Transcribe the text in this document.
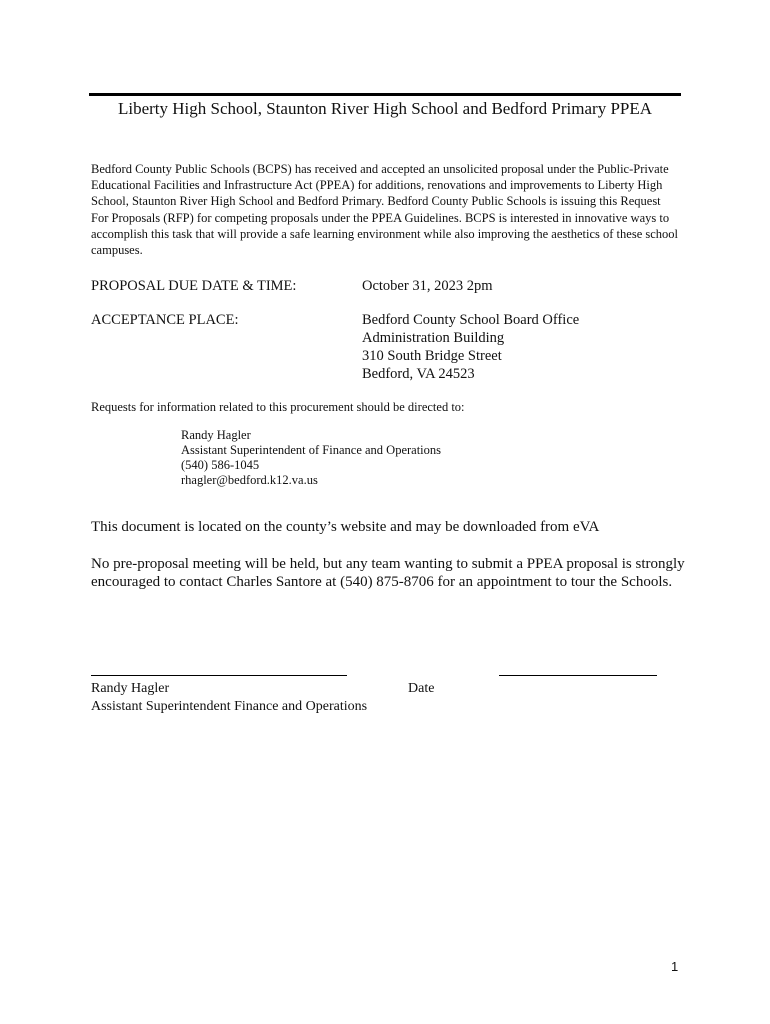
Liberty High School, Staunton River High School and Bedford Primary PPEA
Bedford County Public Schools (BCPS) has received and accepted an unsolicited proposal under the Public-Private Educational Facilities and Infrastructure Act (PPEA) for additions, renovations and improvements to Liberty High School, Staunton River High School and Bedford Primary. Bedford County Public Schools is issuing this Request For Proposals (RFP) for competing proposals under the PPEA Guidelines. BCPS is interested in innovative ways to accomplish this task that will provide a safe learning environment while also improving the aesthetics of these school campuses.
PROPOSAL DUE DATE & TIME:	October 31, 2023 2pm
ACCEPTANCE PLACE:	Bedford County School Board Office
Administration Building
310 South Bridge Street
Bedford, VA 24523
Requests for information related to this procurement should be directed to:
Randy Hagler
Assistant Superintendent of Finance and Operations
(540) 586-1045
rhagler@bedford.k12.va.us
This document is located on the county’s website and may be downloaded from eVA
No pre-proposal meeting will be held, but any team wanting to submit a PPEA proposal is strongly encouraged to contact Charles Santore at (540) 875-8706 for an appointment to tour the Schools.
Randy Hagler
Assistant Superintendent Finance and Operations
Date
1
